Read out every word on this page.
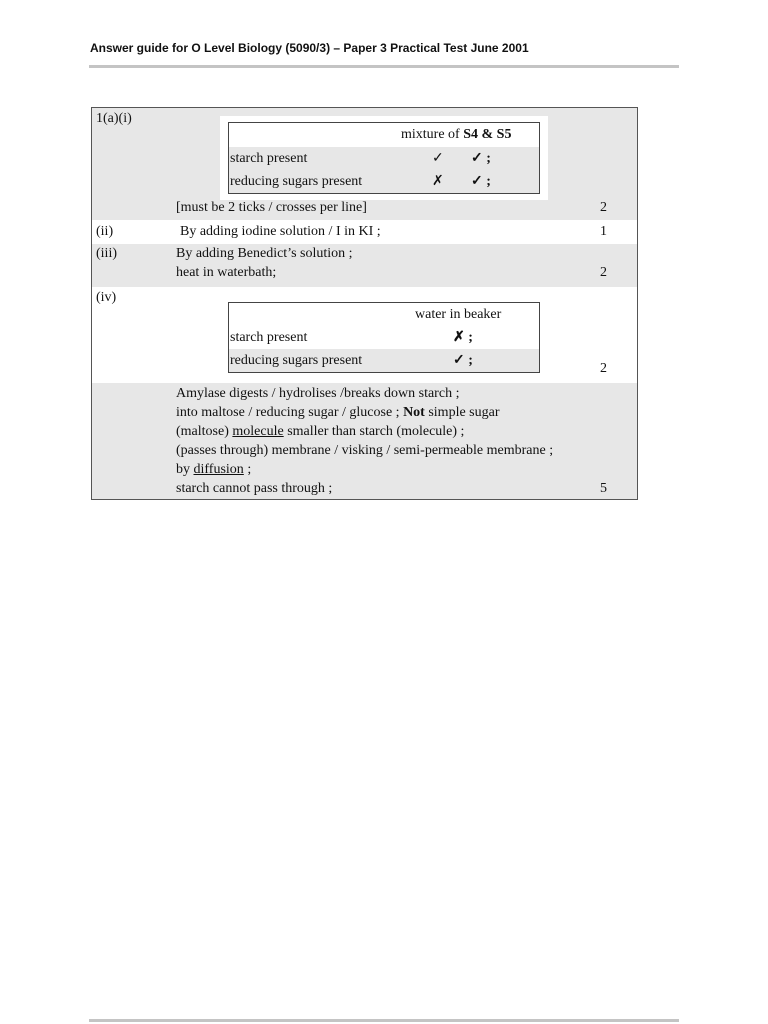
Answer guide for O Level Biology (5090/3) – Paper 3 Practical Test June 2001
1(a)(i)
mixture of S4 & S5
starch present	✓ ✓ ;
reducing sugars present	✗ ✓ ;
[must be 2 ticks / crosses per line]	2
(ii)	By adding iodine solution / I in KI ;	1
(iii)	By adding Benedict’s solution ;
heat in waterbath;	2
(iv)
water in beaker
starch present	✗ ;
reducing sugars present	✓ ;
2
Amylase digests / hydrolises /breaks down starch ;
into maltose / reducing sugar / glucose ; Not simple sugar
(maltose) molecule smaller than starch (molecule) ;
(passes through) membrane / visking / semi-permeable membrane ;
by diffusion ;
starch cannot pass through ;	5
